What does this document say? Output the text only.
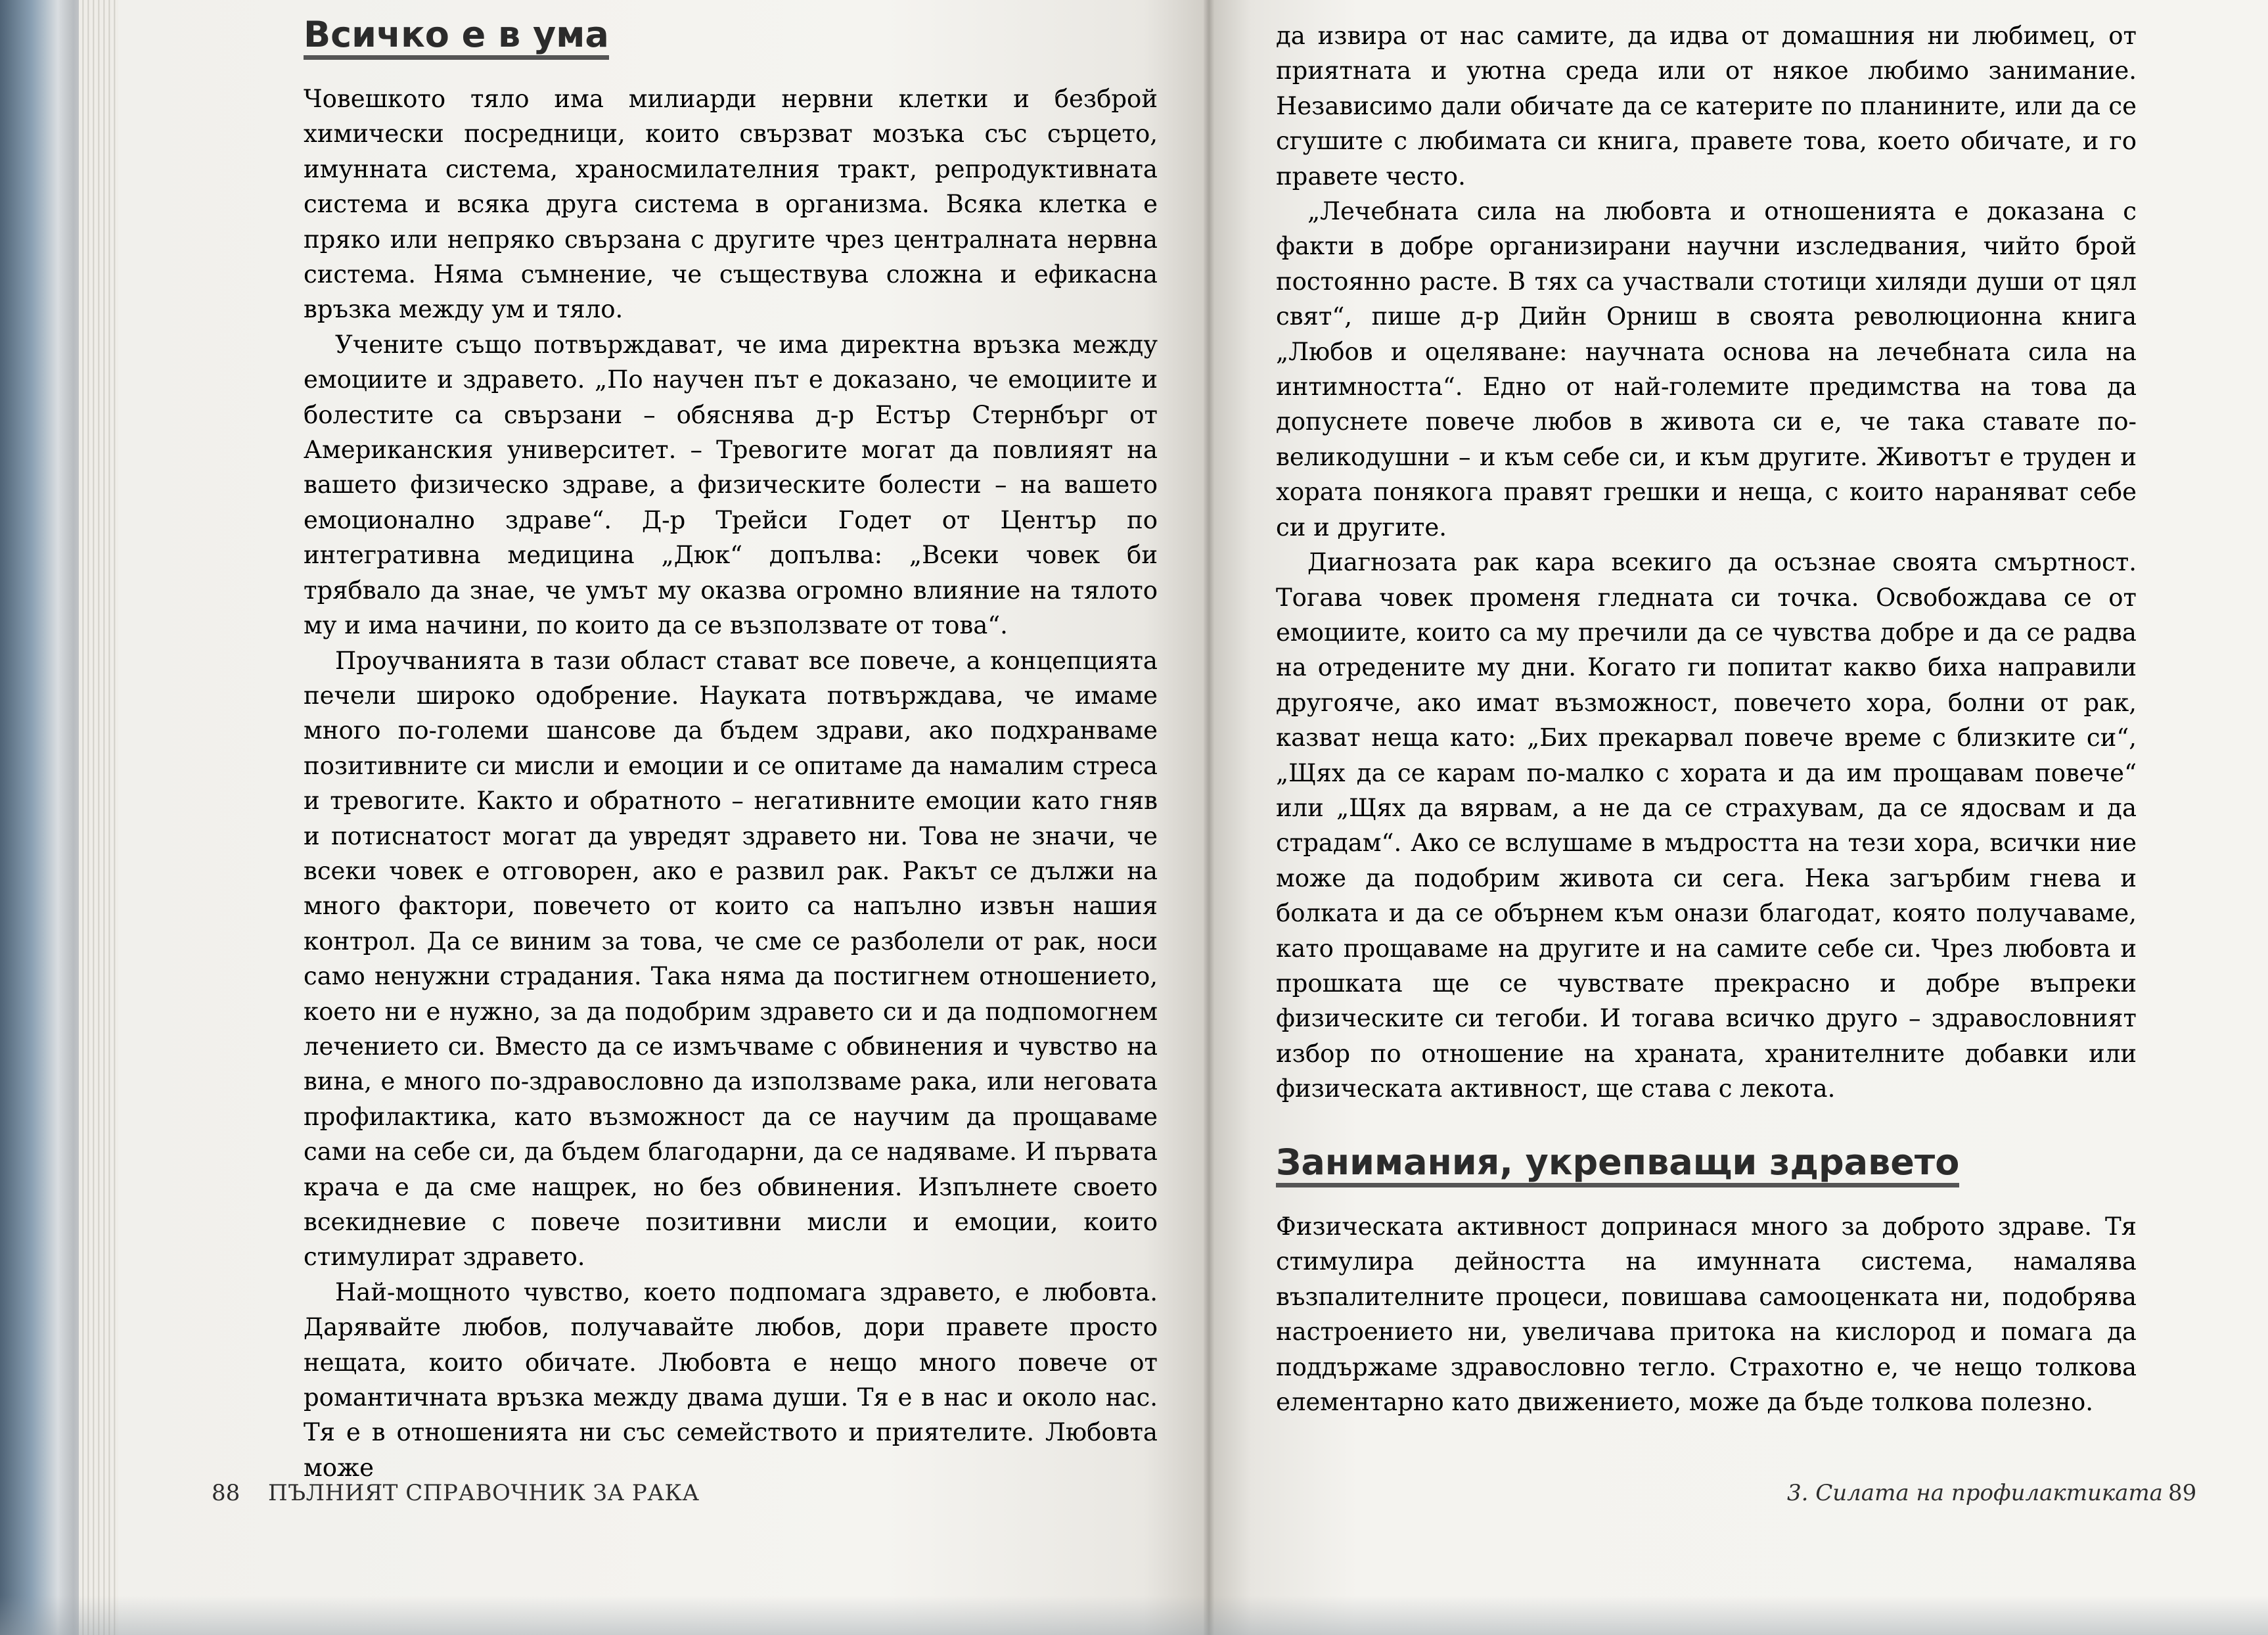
Всичко е в ума

Човешкото тяло има милиарди нервни клетки и безброй химически посредници, които свързват мозъка със сърцето, имунната система, храносмилателния тракт, репродуктивната система и всяка друга система в организма. Всяка клетка е пряко или непряко свързана с другите чрез централната нервна система. Няма съмнение, че съществува сложна и ефикасна връзка между ум и тяло.

Учените също потвърждават, че има директна връзка между емоциите и здравето. „По научен път е доказано, че емоциите и болестите са свързани – обяснява д-р Естър Стернбърг от Американския университет. – Тревогите могат да повлияят на вашето физическо здраве, а физическите болести – на вашето емоционално здраве“. Д-р Трейси Годет от Център по интегративна медицина „Дюк“ допълва: „Всеки човек би трябвало да знае, че умът му оказва огромно влияние на тялото му и има начини, по които да се възползвате от това“.

Проучванията в тази област стават все повече, а концепцията печели широко одобрение. Науката потвърждава, че имаме много по-големи шансове да бъдем здрави, ако подхранваме позитивните си мисли и емоции и се опитаме да намалим стреса и тревогите. Както и обратното – негативните емоции като гняв и потиснатост могат да увредят здравето ни. Това не значи, че всеки човек е отговорен, ако е развил рак. Ракът се дължи на много фактори, повечето от които са напълно извън нашия контрол. Да се виним за това, че сме се разболели от рак, носи само ненужни страдания. Така няма да постигнем отношението, което ни е нужно, за да подобрим здравето си и да подпомогнем лечението си. Вместо да се измъчваме с обвинения и чувство на вина, е много по-здравословно да използваме рака, или неговата профилактика, като възможност да се научим да прощаваме сами на себе си, да бъдем благодарни, да се надяваме. И първата крача е да сме нащрек, но без обвинения. Изпълнете своето всекидневие с повече позитивни мисли и емоции, които стимулират здравето.

Най-мощното чувство, което подпомага здравето, е любовта. Дарявайте любов, получавайте любов, дори правете просто нещата, които обичате. Любовта е нещо много повече от романтичната връзка между двама души. Тя е в нас и около нас. Тя е в отношенията ни със семейството и приятелите. Любовта може

88 ПЪЛНИЯТ СПРАВОЧНИК ЗА РАКА

да извира от нас самите, да идва от домашния ни любимец, от приятната и уютна среда или от някое любимо занимание. Независимо дали обичате да се катерите по планините, или да се сгушите с любимата си книга, правете това, което обичате, и го правете често.

„Лечебната сила на любовта и отношенията е доказана с факти в добре организирани научни изследвания, чийто брой постоянно расте. В тях са участвали стотици хиляди души от цял свят“, пише д-р Дийн Орниш в своята революционна книга „Любов и оцеляване: научната основа на лечебната сила на интимността“. Едно от най-големите предимства на това да допуснете повече любов в живота си е, че така ставате по-великодушни – и към себе си, и към другите. Животът е труден и хората понякога правят грешки и неща, с които нараняват себе си и другите.

Диагнозата рак кара всекиго да осъзнае своята смъртност. Тогава човек променя гледната си точка. Освобождава се от емоциите, които са му пречили да се чувства добре и да се радва на отредените му дни. Когато ги попитат какво биха направили другояче, ако имат възможност, повечето хора, болни от рак, казват неща като: „Бих прекарвал повече време с близките си“, „Щях да се карам по-малко с хората и да им прощавам повече“ или „Щях да вярвам, а не да се страхувам, да се ядосвам и да страдам“. Ако се вслушаме в мъдростта на тези хора, всички ние може да подобрим живота си сега. Нека загърбим гнева и болката и да се обърнем към онази благодат, която получаваме, като прощаваме на другите и на самите себе си. Чрез любовта и прошката ще се чувствате прекрасно и добре въпреки физическите си тегоби. И тогава всичко друго – здравословният избор по отношение на храната, хранителните добавки или физическата активност, ще става с лекота.

Занимания, укрепващи здравето

Физическата активност допринася много за доброто здраве. Тя стимулира дейността на имунната система, намалява възпалителните процеси, повишава самооценката ни, подобрява настроението ни, увеличава притока на кислород и помага да поддържаме здравословно тегло. Страхотно е, че нещо толкова елементарно като движението, може да бъде толкова полезно.

3. Силата на профилактиката 89
